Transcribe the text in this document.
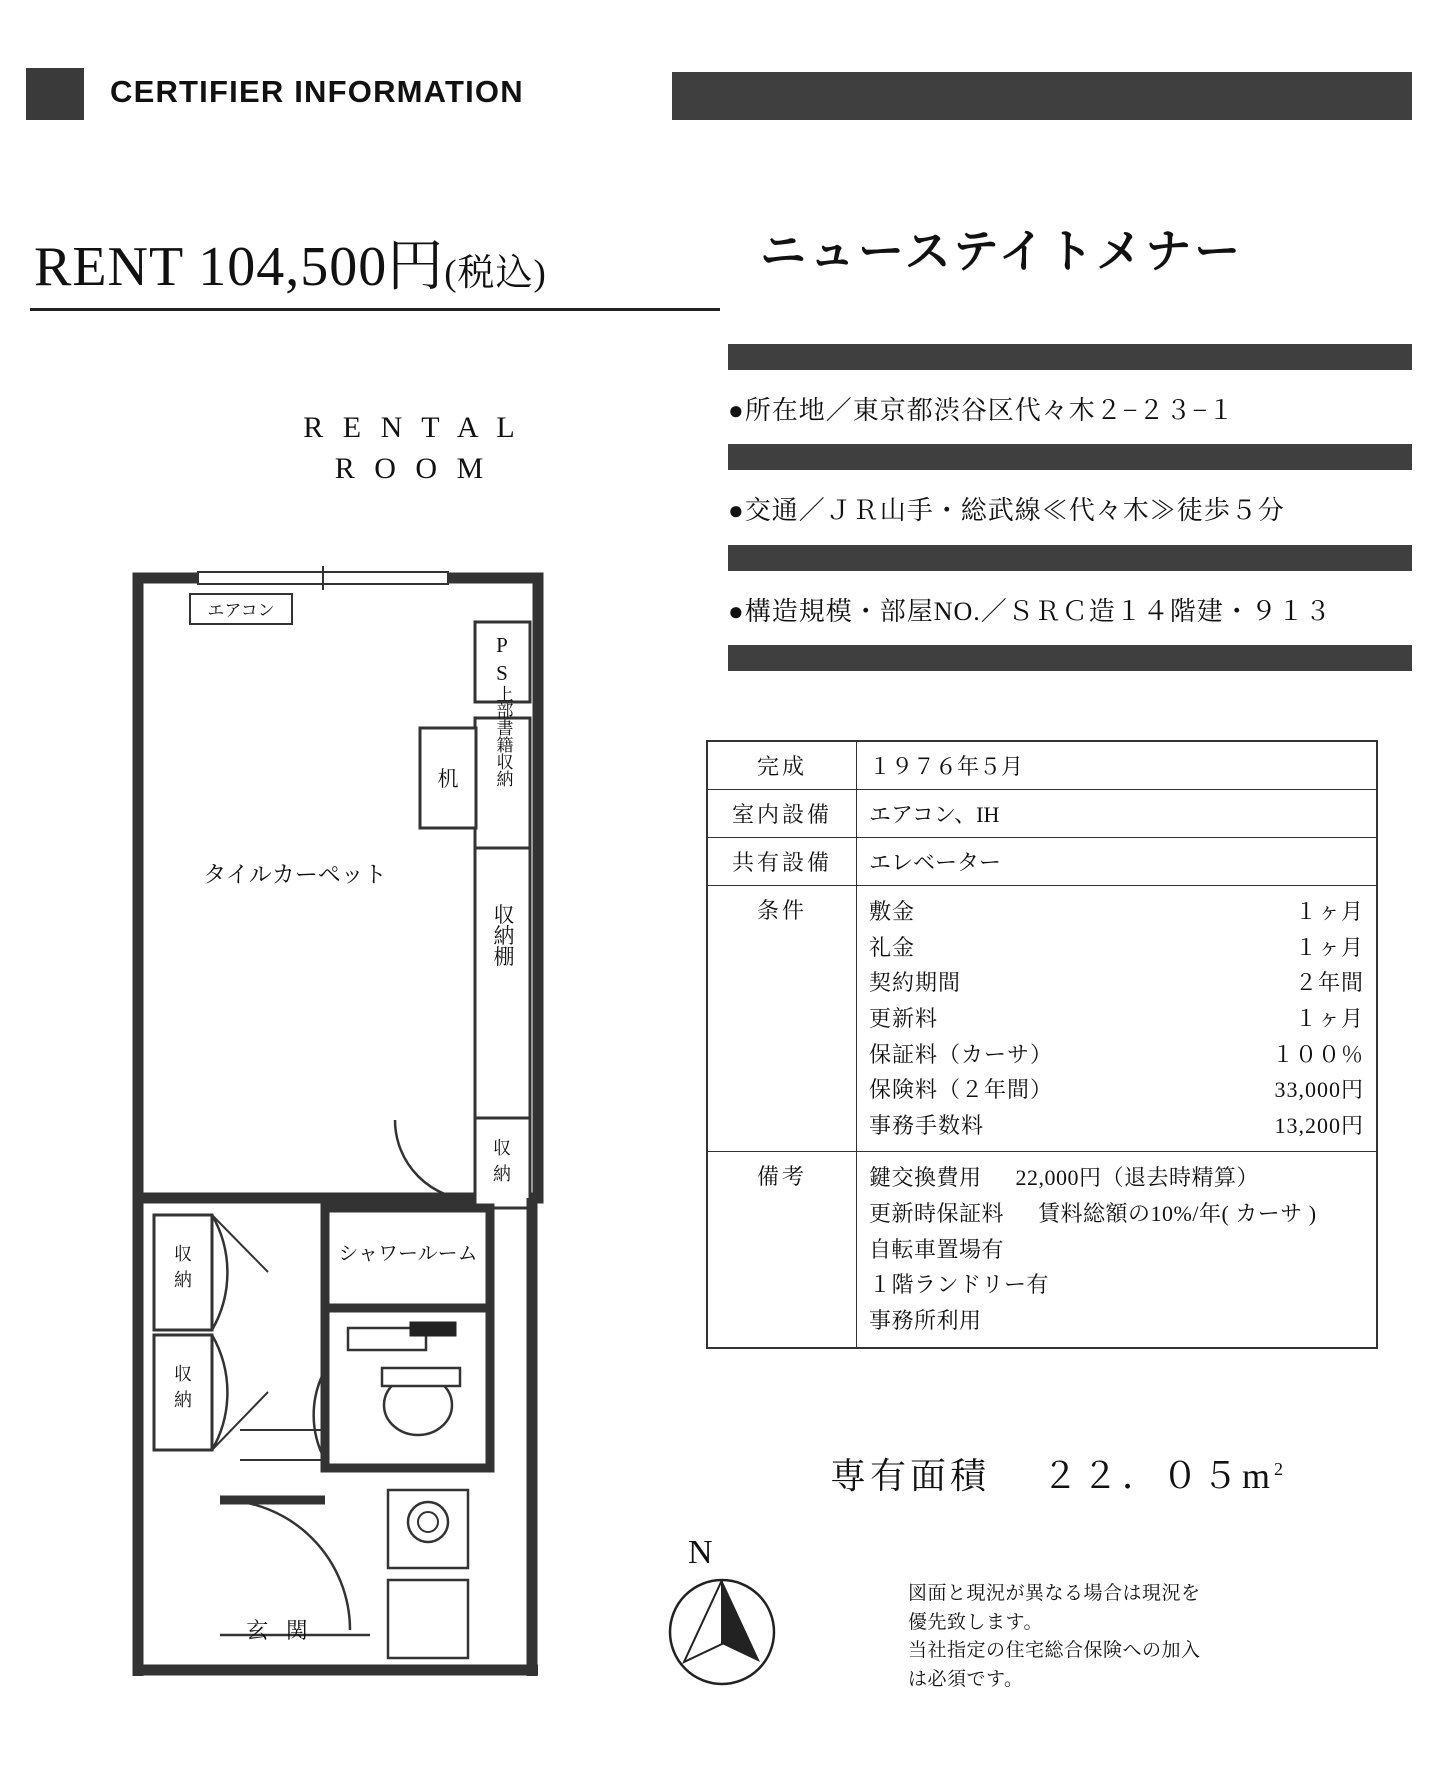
CERTIFIER INFORMATION
RENT 104,500円(税込)	ニューステイトメナー
●所在地／東京都渋谷区代々木２−２３−１
●交通／ＪＲ山手・総武線≪代々木≫徒歩５分
●構造規模・部屋NO.／ＳＲＣ造１４階建・９１３
R E N T A L
R O O M
エアコン
P
S
机 上部書籍収納
収納棚
収
納
タイルカーペット
収
納
収
納
シャワールーム
玄 関
完成	１９７６年５月
室内設備	エアコン、IH
共有設備	エレベーター
条件	敷金	１ヶ月
礼金	１ヶ月
契約期間	２年間
更新料	１ヶ月
保証料（カーサ）	１００％
保険料（２年間）	33,000円
事務手数料	13,200円

備考	鍵交換費用 22,000円（退去時精算）
更新時保証料 賃料総額の10%/年( カーサ )
自転車置場有
１階ランドリー有
事務所利用
専有面積 ２２．$05m^2$
N
図面と現況が異なる場合は現況を
優先致します。
当社指定の住宅総合保険への加入
は必須です。
